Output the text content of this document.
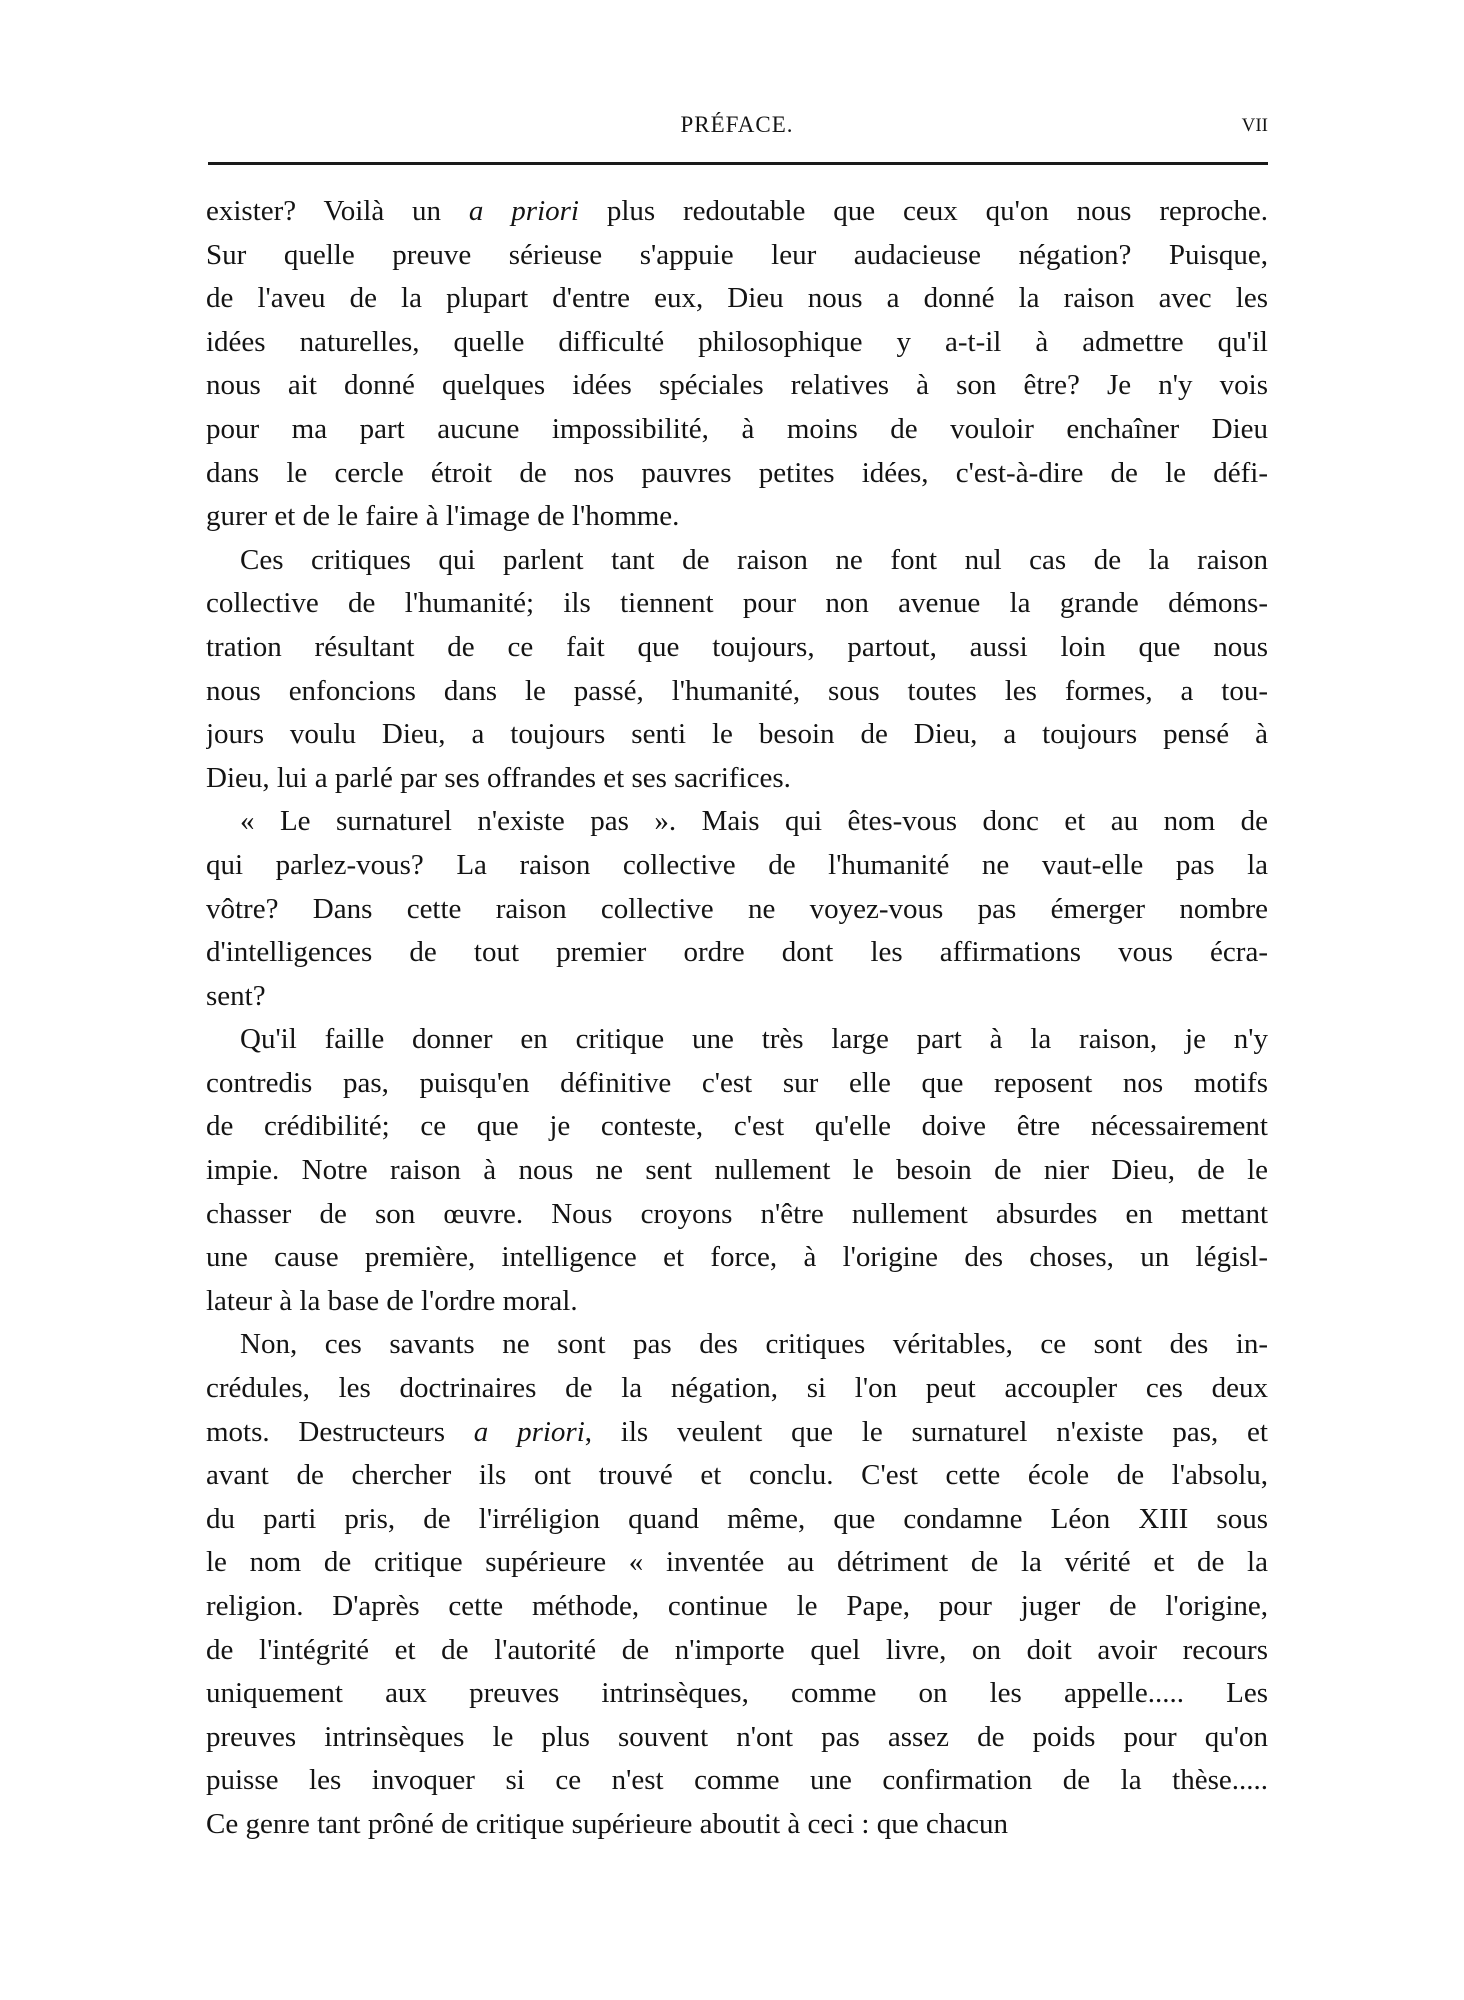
PRÉFACE.	VII
exister? Voilà un a priori plus redoutable que ceux qu'on nous reproche.
Sur quelle preuve sérieuse s'appuie leur audacieuse négation? Puisque,
de l'aveu de la plupart d'entre eux, Dieu nous a donné la raison avec les
idées naturelles, quelle difficulté philosophique y a-t-il à admettre qu'il
nous ait donné quelques idées spéciales relatives à son être? Je n'y vois
pour ma part aucune impossibilité, à moins de vouloir enchaîner Dieu
dans le cercle étroit de nos pauvres petites idées, c'est-à-dire de le défi-
gurer et de le faire à l'image de l'homme.
Ces critiques qui parlent tant de raison ne font nul cas de la raison
collective de l'humanité; ils tiennent pour non avenue la grande démons-
tration résultant de ce fait que toujours, partout, aussi loin que nous
nous enfoncions dans le passé, l'humanité, sous toutes les formes, a tou-
jours voulu Dieu, a toujours senti le besoin de Dieu, a toujours pensé à
Dieu, lui a parlé par ses offrandes et ses sacrifices.
« Le surnaturel n'existe pas ». Mais qui êtes-vous donc et au nom de
qui parlez-vous? La raison collective de l'humanité ne vaut-elle pas la
vôtre? Dans cette raison collective ne voyez-vous pas émerger nombre
d'intelligences de tout premier ordre dont les affirmations vous écra-
sent?
Qu'il faille donner en critique une très large part à la raison, je n'y
contredis pas, puisqu'en définitive c'est sur elle que reposent nos motifs
de crédibilité; ce que je conteste, c'est qu'elle doive être nécessairement
impie. Notre raison à nous ne sent nullement le besoin de nier Dieu, de le
chasser de son œuvre. Nous croyons n'être nullement absurdes en mettant
une cause première, intelligence et force, à l'origine des choses, un législ-
lateur à la base de l'ordre moral.
Non, ces savants ne sont pas des critiques véritables, ce sont des in-
crédules, les doctrinaires de la négation, si l'on peut accoupler ces deux
mots. Destructeurs a priori, ils veulent que le surnaturel n'existe pas, et
avant de chercher ils ont trouvé et conclu. C'est cette école de l'absolu,
du parti pris, de l'irréligion quand même, que condamne Léon XIII sous
le nom de critique supérieure « inventée au détriment de la vérité et de la
religion. D'après cette méthode, continue le Pape, pour juger de l'origine,
de l'intégrité et de l'autorité de n'importe quel livre, on doit avoir recours
uniquement aux preuves intrinsèques, comme on les appelle..... Les
preuves intrinsèques le plus souvent n'ont pas assez de poids pour qu'on
puisse les invoquer si ce n'est comme une confirmation de la thèse.....
Ce genre tant prôné de critique supérieure aboutit à ceci : que chacun
